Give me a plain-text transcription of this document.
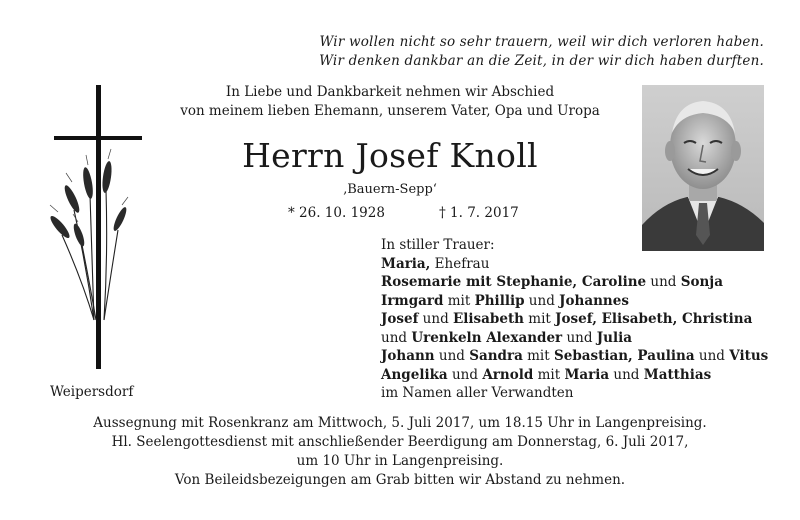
Wir wollen nicht so sehr trauern, weil wir dich verloren haben.
Wir denken dankbar an die Zeit, in der wir dich haben durften.
In Liebe und Dankbarkeit nehmen wir Abschied
von meinem lieben Ehemann, unserem Vater, Opa und Uropa
Herrn Josef Knoll
‚Bauern-Sepp‘
* 26. 10. 1928	† 1. 7. 2017
In stiller Trauer:
Maria, Ehefrau
Rosemarie mit Stephanie, Caroline und Sonja
Irmgard mit Phillip und Johannes
Josef und Elisabeth mit Josef, Elisabeth, Christina
und Urenkeln Alexander und Julia
Johann und Sandra mit Sebastian, Paulina und Vitus
Angelika und Arnold mit Maria und Matthias
im Namen aller Verwandten
Weipersdorf
Aussegnung mit Rosenkranz am Mittwoch, 5. Juli 2017, um 18.15 Uhr in Langenpreising.
Hl. Seelengottesdienst mit anschließender Beerdigung am Donnerstag, 6. Juli 2017,
um 10 Uhr in Langenpreising.
Von Beileidsbezeigungen am Grab bitten wir Abstand zu nehmen.
